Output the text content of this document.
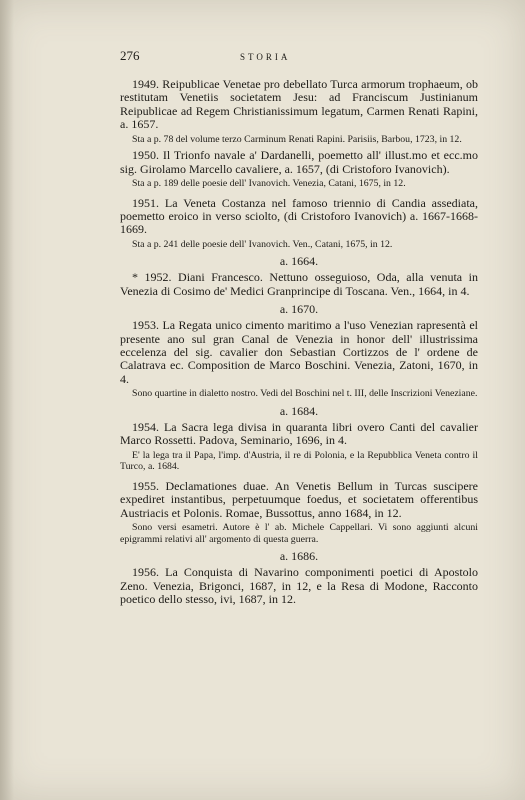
276	STORIA

1949. Reipublicae Venetae pro debellato Turca armorum trophaeum, ob restitutam Venetiis societatem Jesu: ad Franciscum Justinianum Reipublicae ad Regem Christianissimum legatum, Carmen Renati Rapini, a. 1657.

Sta a p. 78 del volume terzo Carminum Renati Rapini. Parisiis, Barbou, 1723, in 12.

1950. Il Trionfo navale a' Dardanelli, poemetto all' illust.mo et ecc.mo sig. Girolamo Marcello cavaliere, a. 1657, (di Cristoforo Ivanovich).

Sta a p. 189 delle poesie dell' Ivanovich. Venezia, Catani, 1675, in 12.

1951. La Veneta Costanza nel famoso triennio di Candia assediata, poemetto eroico in verso sciolto, (di Cristoforo Ivanovich) a. 1667-1668-1669.

Sta a p. 241 delle poesie dell' Ivanovich. Ven., Catani, 1675, in 12.

a. 1664.

* 1952. Diani Francesco. Nettuno osseguioso, Oda, alla venuta in Venezia di Cosimo de' Medici Granprincipe di Toscana. Ven., 1664, in 4.

a. 1670.

1953. La Regata unico cimento maritimo a l'uso Venezian rapresentà el presente ano sul gran Canal de Venezia in honor dell' illustrissima eccelenza del sig. cavalier don Sebastian Cortizzos de l' ordene de Calatrava ec. Composition de Marco Boschini. Venezia, Zatoni, 1670, in 4.

Sono quartine in dialetto nostro. Vedi del Boschini nel t. III, delle Inscrizioni Veneziane.

a. 1684.

1954. La Sacra lega divisa in quaranta libri overo Canti del cavalier Marco Rossetti. Padova, Seminario, 1696, in 4.

E' la lega tra il Papa, l'imp. d'Austria, il re di Polonia, e la Repubblica Veneta contro il Turco, a. 1684.

1955. Declamationes duae. An Venetis Bellum in Turcas suscipere expediret instantibus, perpetuumque foedus, et societatem offerentibus Austriacis et Polonis. Romae, Bussottus, anno 1684, in 12.

Sono versi esametri. Autore è l' ab. Michele Cappellari. Vi sono aggiunti alcuni epigrammi relativi all' argomento di questa guerra.

a. 1686.

1956. La Conquista di Navarino componimenti poetici di Apostolo Zeno. Venezia, Brigonci, 1687, in 12, e la Resa di Modone, Racconto poetico dello stesso, ivi, 1687, in 12.
